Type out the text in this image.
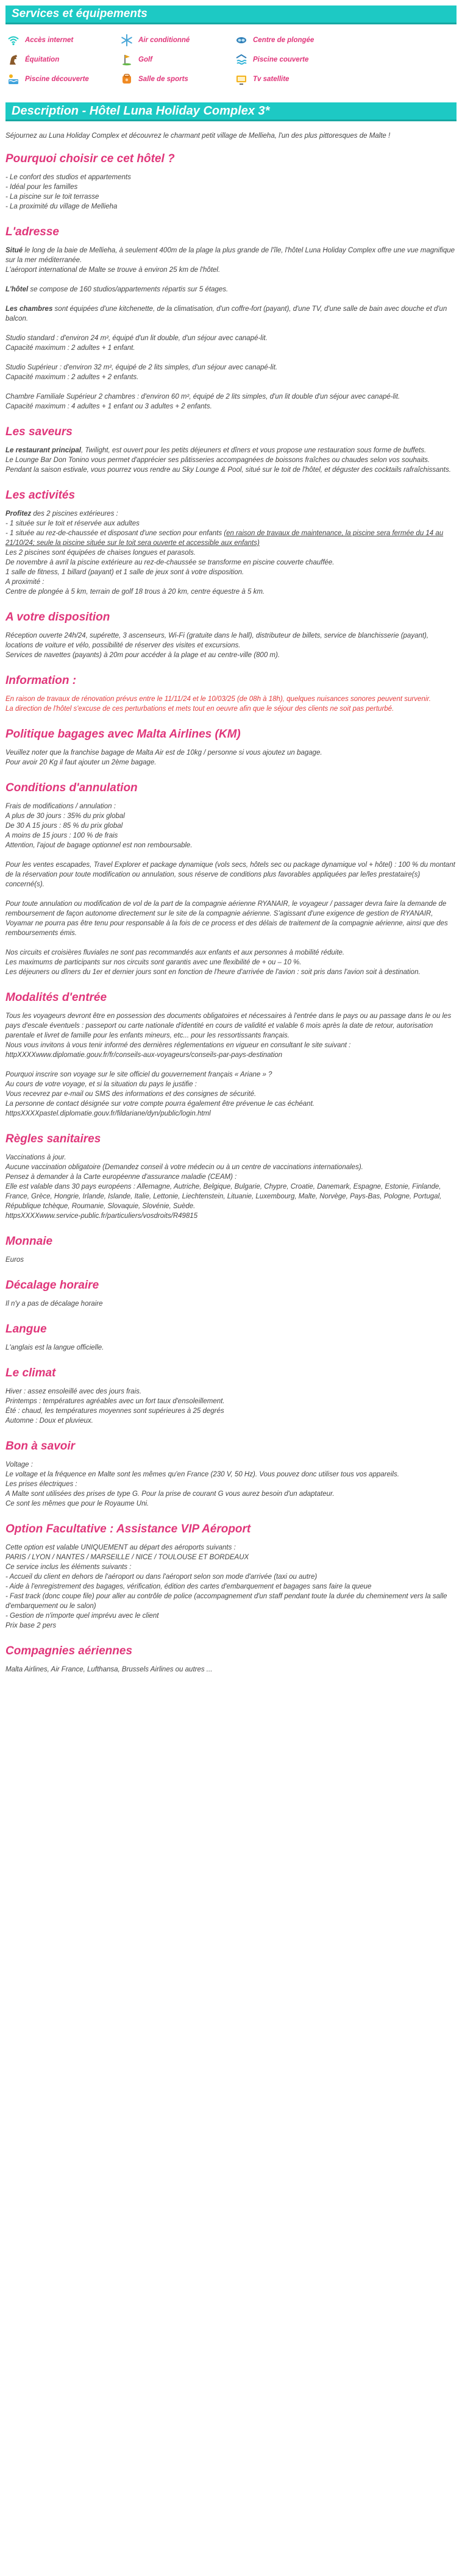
Services et équipements
Accès internet	Air conditionné	Centre de plongée
Équitation	Golf	Piscine couverte
Piscine découverte	Salle de sports	Tv satellite
Description - Hôtel Luna Holiday Complex 3*

Séjournez au Luna Holiday Complex et découvrez le charmant petit village de Mellieha, l'un des plus pittoresques de Malte !

Pourquoi choisir ce cet hôtel ?

- Le confort des studios et appartements

- Idéal pour les familles

- La piscine sur le toit terrasse

- La proximité du village de Mellieha

L'adresse

Situé le long de la baie de Mellieha, à seulement 400m de la plage la plus grande de l'île, l'hôtel Luna Holiday Complex offre une vue magnifique sur la mer méditerranée.

L'aéroport international de Malte se trouve à environ 25 km de l'hôtel.

L'hôtel se compose de 160 studios/appartements répartis sur 5 étages.

Les chambres sont équipées d'une kitchenette, de la climatisation, d'un coffre-fort (payant), d'une TV, d'une salle de bain avec douche et d'un balcon.

Studio standard : d'environ 24 m², équipé d'un lit double, d'un séjour avec canapé-lit.

Capacité maximum : 2 adultes + 1 enfant.

Studio Supérieur : d'environ 32 m², équipé de 2 lits simples, d'un séjour avec canapé-lit.

Capacité maximum : 2 adultes + 2 enfants.

Chambre Familiale Supérieur 2 chambres : d'environ 60 m², équipé de 2 lits simples, d'un lit double d'un séjour avec canapé-lit.

Capacité maximum : 4 adultes + 1 enfant ou 3 adultes + 2 enfants.

Les saveurs

Le restaurant principal, Twilight, est ouvert pour les petits déjeuners et dîners et vous propose une restauration sous forme de buffets.

Le Lounge Bar Don Tonino vous permet d'apprécier ses pâtisseries accompagnées de boissons fraîches ou chaudes selon vos souhaits.

Pendant la saison estivale, vous pourrez vous rendre au Sky Lounge & Pool, situé sur le toit de l'hôtel, et déguster des cocktails rafraîchissants.

Les activités

Profitez des 2 piscines extérieures :

- 1 située sur le toit et réservée aux adultes

- 1 située au rez-de-chaussée et disposant d'une section pour enfants (en raison de travaux de maintenance, la piscine sera fermée du 14 au 21/10/24; seule la piscine située sur le toit sera ouverte et accessible aux enfants)

Les 2 piscines sont équipées de chaises longues et parasols.

De novembre à avril la piscine extérieure au rez-de-chaussée se transforme en piscine couverte chauffée.

1 salle de fitness, 1 billard (payant) et 1 salle de jeux sont à votre disposition.

A proximité :

Centre de plongée à 5 km, terrain de golf 18 trous à 20 km, centre équestre à 5 km.

A votre disposition

Réception ouverte 24h/24, supérette, 3 ascenseurs, Wi-Fi (gratuite dans le hall), distributeur de billets, service de blanchisserie (payant), locations de voiture et vélo, possibilité de réserver des visites et excursions.

Services de navettes (payants) à 20m pour accéder à la plage et au centre-ville (800 m).

Information :

En raison de travaux de rénovation prévus entre le 11/11/24 et le 10/03/25 (de 08h à 18h), quelques nuisances sonores peuvent survenir.

La direction de l'hôtel s'excuse de ces perturbations et mets tout en oeuvre afin que le séjour des clients ne soit pas perturbé.

Politique bagages avec Malta Airlines (KM)

Veuillez noter que la franchise bagage de Malta Air est de 10kg / personne si vous ajoutez un bagage.

Pour avoir 20 Kg il faut ajouter un 2ème bagage.

Conditions d'annulation

Frais de modifications / annulation :

A plus de 30 jours : 35% du prix global

De 30 A 15 jours : 85 % du prix global

A moins de 15 jours : 100 % de frais

Attention, l'ajout de bagage optionnel est non remboursable.

Pour les ventes escapades, Travel Explorer et package dynamique (vols secs, hôtels sec ou package dynamique vol + hôtel) : 100 % du montant de la réservation pour toute modification ou annulation, sous réserve de conditions plus favorables appliquées par le/les prestataire(s) concerné(s).

Pour toute annulation ou modification de vol de la part de la compagnie aérienne RYANAIR, le voyageur / passager devra faire la demande de remboursement de façon autonome directement sur le site de la compagnie aérienne. S'agissant d'une exigence de gestion de RYANAIR, Voyamar ne pourra pas être tenu pour responsable à la fois de ce process et des délais de traitement de la compagnie aérienne, ainsi que des remboursements émis.

Nos circuits et croisières fluviales ne sont pas recommandés aux enfants et aux personnes à mobilité réduite.

Les maximums de participants sur nos circuits sont garantis avec une flexibilité de + ou – 10 %.

Les déjeuners ou dîners du 1er et dernier jours sont en fonction de l'heure d'arrivée de l'avion : soit pris dans l'avion soit à destination.

Modalités d'entrée

Tous les voyageurs devront être en possession des documents obligatoires et nécessaires à l'entrée dans le pays ou au passage dans le ou les pays d'escale éventuels : passeport ou carte nationale d'identité en cours de validité et valable 6 mois après la date de retour, autorisation parentale et livret de famille pour les enfants mineurs, etc... pour les ressortissants français.

Nous vous invitons à vous tenir informé des dernières réglementations en vigueur en consultant le site suivant : httpXXXXwww.diplomatie.gouv.fr/fr/conseils-aux-voyageurs/conseils-par-pays-destination

Pourquoi inscrire son voyage sur le site officiel du gouvernement français « Ariane » ?

Au cours de votre voyage, et si la situation du pays le justifie :

Vous recevrez par e-mail ou SMS des informations et des consignes de sécurité.

La personne de contact désignée sur votre compte pourra également être prévenue le cas échéant.

httpsXXXXpastel.diplomatie.gouv.fr/fildariane/dyn/public/login.html

Règles sanitaires

Vaccinations à jour.

Aucune vaccination obligatoire (Demandez conseil à votre médecin ou à un centre de vaccinations internationales).

Pensez à demander à la Carte européenne d'assurance maladie (CEAM) :

Elle est valable dans 30 pays européens : Allemagne, Autriche, Belgique, Bulgarie, Chypre, Croatie, Danemark, Espagne, Estonie, Finlande, France, Grèce, Hongrie, Irlande, Islande, Italie, Lettonie, Liechtenstein, Lituanie, Luxembourg, Malte, Norvège, Pays-Bas, Pologne, Portugal, République tchèque, Roumanie, Slovaquie, Slovénie, Suède.

httpsXXXXwww.service-public.fr/particuliers/vosdroits/R49815

Monnaie

Euros

Décalage horaire

Il n'y a pas de décalage horaire

Langue

L'anglais est la langue officielle.

Le climat

Hiver : assez ensoleillé avec des jours frais.

Printemps : températures agréables avec un fort taux d'ensoleillement.

Été : chaud, les températures moyennes sont supérieures à 25 degrés

Automne : Doux et pluvieux.

Bon à savoir

Voltage :

Le voltage et la fréquence en Malte sont les mêmes qu'en France (230 V, 50 Hz). Vous pouvez donc utiliser tous vos appareils.

Les prises électriques :

A Malte sont utilisées des prises de type G. Pour la prise de courant G vous aurez besoin d'un adaptateur.

Ce sont les mêmes que pour le Royaume Uni.

Option Facultative : Assistance VIP Aéroport

Cette option est valable UNIQUEMENT au départ des aéroports suivants :

PARIS / LYON / NANTES / MARSEILLE / NICE / TOULOUSE ET BORDEAUX

Ce service inclus les éléments suivants :

- Accueil du client en dehors de l'aéroport ou dans l'aéroport selon son mode d'arrivée (taxi ou autre)

- Aide à l'enregistrement des bagages, vérification, édition des cartes d'embarquement et bagages sans faire la queue

- Fast track (donc coupe file) pour aller au contrôle de police (accompagnement d'un staff pendant toute la durée du cheminement vers la salle d'embarquement ou le salon)

- Gestion de n'importe quel imprévu avec le client

Prix base 2 pers

Compagnies aériennes

Malta Airlines, Air France, Lufthansa, Brussels Airlines ou autres ...
